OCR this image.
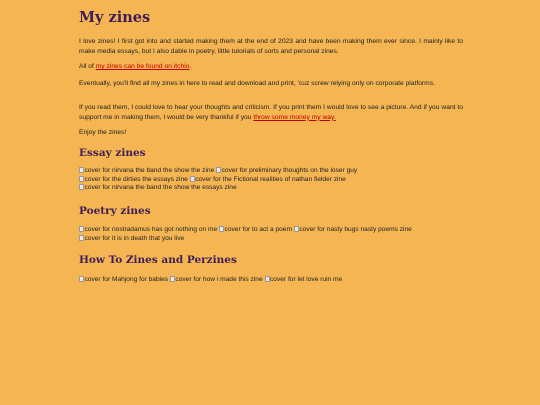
My zines

I love zines! I first got into and started making them at the end of 2023 and have been making them ever since. I mainly like to make media essays, but I also dable in poetry, little tutorials of sorts and personal zines.

All of my zines can be found on itchio.

Eventually, you'll find all my zines in here to read and download and print, 'cuz screw relying only on corporate platforms.

If you read them, I could love to hear your thoughts and criticism. If you print them I would love to see a picture. And if you want to support me in making them, I would be very thankful if you throw some money my way.

Enjoy the zines!

Essay zines
cover for nirvana the band the show the zine cover for preliminary thoughts on the loser guy
cover for the dirties the essays zine cover for the Fictional realities of nathan fielder zine
cover for nirvana the band the show the essays zine
Poetry zines
cover for nostradamus has got nothing on me cover for to act a poem cover for nasty bugs nasty poems zine
cover for it is in death that you live
How To Zines and Perzines
cover for Mahjong for babies cover for how i made this zine cover for let love ruin me
